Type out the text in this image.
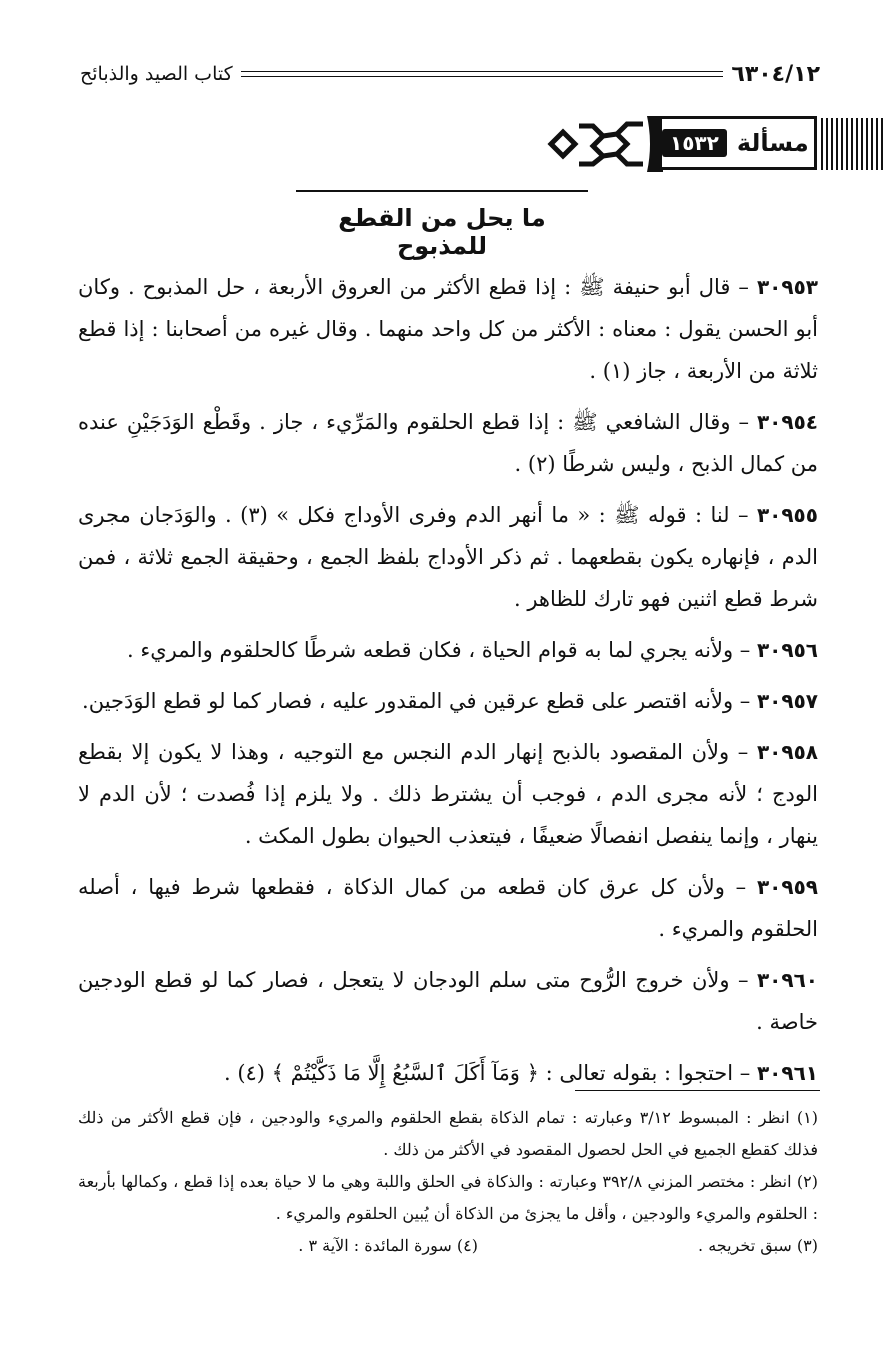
كتاب الصيد والذبائح	٦٣٠٤/١٢
مسألة
١٥٣٢
ما يحل من القطع للمذبوح

٣٠٩٥٣ – قال أبو حنيفة ﷺ : إذا قطع الأكثر من العروق الأربعة ، حل المذبوح . وكان أبو الحسن يقول : معناه : الأكثر من كل واحد منهما . وقال غيره من أصحابنا : إذا قطع ثلاثة من الأربعة ، جاز (١) .

٣٠٩٥٤ – وقال الشافعي ﷺ : إذا قطع الحلقوم والمَرِّيء ، جاز . وقَطْع الوَدَجَيْنِ عنده من كمال الذبح ، وليس شرطًا (٢) .

٣٠٩٥٥ – لنا : قوله ﷺ : « ما أنهر الدم وفرى الأوداج فكل » (٣) . والوَدَجان مجرى الدم ، فإنهاره يكون بقطعهما . ثم ذكر الأوداج بلفظ الجمع ، وحقيقة الجمع ثلاثة ، فمن شرط قطع اثنين فهو تارك للظاهر .

٣٠٩٥٦ – ولأنه يجري لما به قوام الحياة ، فكان قطعه شرطًا كالحلقوم والمريء .

٣٠٩٥٧ – ولأنه اقتصر على قطع عرقين في المقدور عليه ، فصار كما لو قطع الوَدَجين.

٣٠٩٥٨ – ولأن المقصود بالذبح إنهار الدم النجس مع التوجيه ، وهذا لا يكون إلا بقطع الودج ؛ لأنه مجرى الدم ، فوجب أن يشترط ذلك . ولا يلزم إذا فُصدت ؛ لأن الدم لا ينهار ، وإنما ينفصل انفصالًا ضعيفًا ، فيتعذب الحيوان بطول المكث .

٣٠٩٥٩ – ولأن كل عرق كان قطعه من كمال الذكاة ، فقطعها شرط فيها ، أصله الحلقوم والمريء .

٣٠٩٦٠ – ولأن خروج الرُّوح متى سلم الودجان لا يتعجل ، فصار كما لو قطع الودجين خاصة .

٣٠٩٦١ – احتجوا : بقوله تعالى : ﴿ وَمَآ أَكَلَ ٱلسَّبُعُ إِلَّا مَا ذَكَّيْتُمْ ﴾ (٤) .

(١) انظر : المبسوط ٣/١٢ وعبارته : تمام الذكاة بقطع الحلقوم والمريء والودجين ، فإن قطع الأكثر من ذلك فذلك كقطع الجميع في الحل لحصول المقصود في الأكثر من ذلك .

(٢) انظر : مختصر المزني ٣٩٢/٨ وعبارته : والذكاة في الحلق واللبة وهي ما لا حياة بعده إذا قطع ، وكمالها بأربعة : الحلقوم والمريء والودجين ، وأقل ما يجزئ من الذكاة أن يُبين الحلقوم والمريء .

(٣) سبق تخريجه .
(٤) سورة المائدة : الآية ٣ .
